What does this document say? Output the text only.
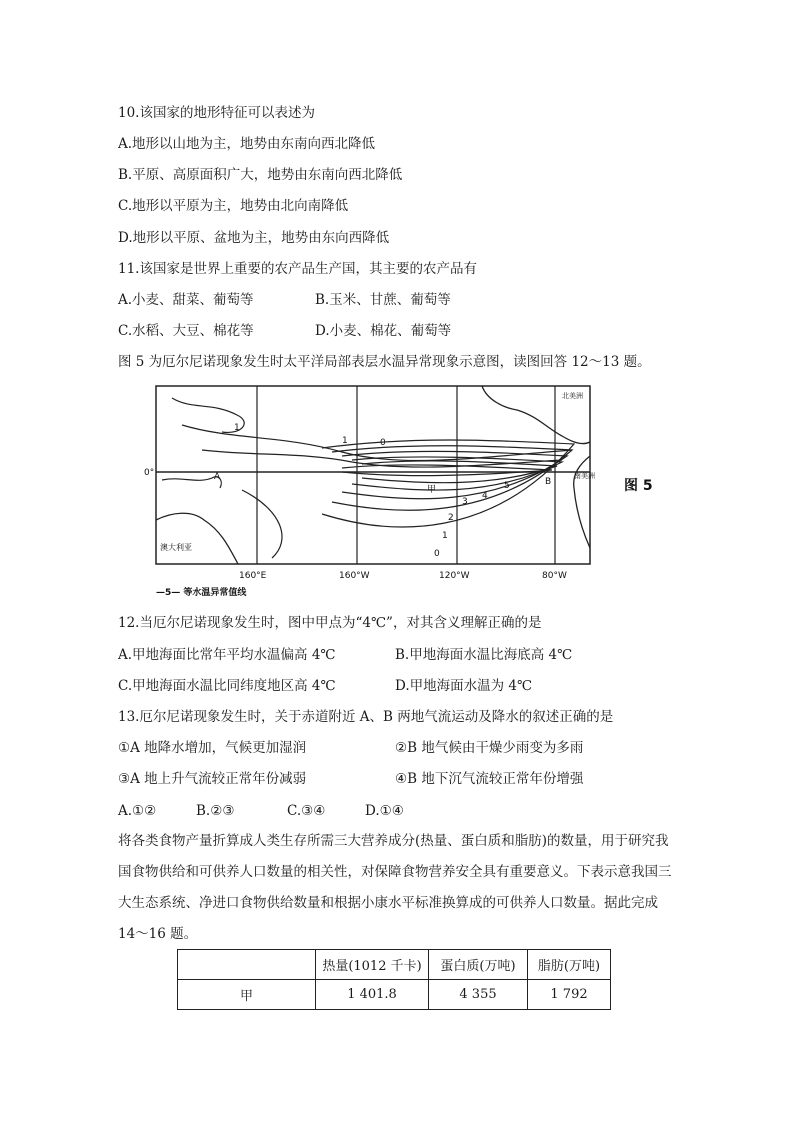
10.该国家的地形特征可以表述为
A.地形以山地为主，地势由东南向西北降低
B.平原、高原面积广大，地势由东南向西北降低
C.地形以平原为主，地势由北向南降低
D.地形以平原、盆地为主，地势由东向西降低
11.该国家是世界上重要的农产品生产国，其主要的农产品有
A.小麦、甜菜、葡萄等	B.玉米、甘蔗、葡萄等
C.水稻、大豆、棉花等	D.小麦、棉花、葡萄等
图 5 为厄尔尼诺现象发生时太平洋局部表层水温异常现象示意图，读图回答 12～13 题。
0°
160°E	160°W	120°W	80°W
澳大利亚
北美洲
南美洲
A	B
甲
1
1	0
5
4
3
2
1
0
—5— 等水温异常值线
图 5
12.当厄尔尼诺现象发生时，图中甲点为“4℃”，对其含义理解正确的是
A.甲地海面比常年平均水温偏高 4℃	B.甲地海面水温比海底高 4℃
C.甲地海面水温比同纬度地区高 4℃	D.甲地海面水温为 4℃
13.厄尔尼诺现象发生时，关于赤道附近 A、B 两地气流运动及降水的叙述正确的是
①A 地降水增加，气候更加湿润	②B 地气候由干燥少雨变为多雨
③A 地上升气流较正常年份减弱	④B 地下沉气流较正常年份增强
A.①②	B.②③	C.③④	D.①④
将各类食物产量折算成人类生存所需三大营养成分(热量、蛋白质和脂肪)的数量，用于研究我国食物供给和可供养人口数量的相关性，对保障食物营养安全具有重要意义。下表示意我国三大生态系统、净进口食物供给数量和根据小康水平标准换算成的可供养人口数量。据此完成 14～16 题。
	热量(1012 千卡)	蛋白质(万吨)	脂肪(万吨)
甲	1 401.8	4 355	1 792
